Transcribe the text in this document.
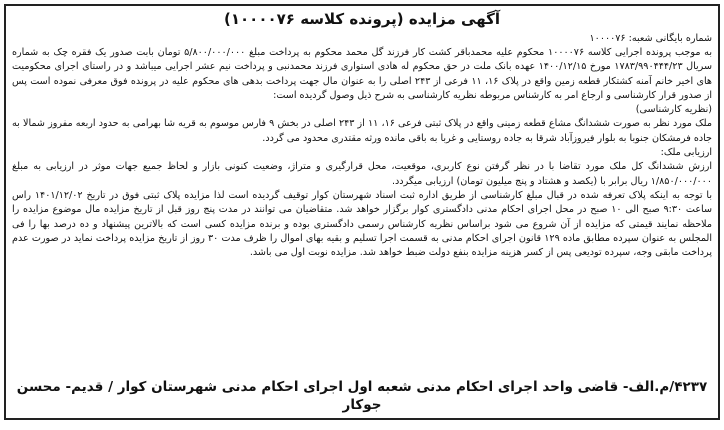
آگهی مزایده (پرونده کلاسه ۱۰۰۰۰۷۶)

شماره بایگانی شعبه: ۱۰۰۰۰۷۶

به موجب پرونده اجرایی کلاسه ۱۰۰۰۰۷۶ محکوم علیه محمدباقر کشت کار فرزند گل محمد محکوم به پرداخت مبلغ ۵/۸۰۰/۰۰۰/۰۰۰ تومان بابت صدور یک فقره چک به شماره سریال ۱۷۸۳/۹۹۰۴۴۴/۲۳ مورخ ۱۴۰۰/۱۲/۱۵ عهده بانک ملت در حق محکوم له هادی استواری فرزند محمدنبی و پرداخت نیم عشر اجرایی میباشد و در راستای اجرای محکومیت های اخیر خانم آمنه کشتکار قطعه زمین واقع در پلاک ۱۶، ۱۱ فرعی از ۲۴۳ اصلی را به عنوان مال جهت پرداخت بدهی های محکوم علیه در پرونده فوق معرفی نموده است پس از صدور قرار کارشناسی و ارجاع امر به کارشناس مربوطه نظریه کارشناسی به شرح ذیل وصول گردیده است:

(نظریه کارشناسی)

ملک مورد نظر به صورت ششدانگ مشاع قطعه زمینی واقع در پلاک ثبتی فرعی ۱۶، ۱۱ از ۲۴۳ اصلی در بخش ۹ فارس موسوم به قریه شا بهرامی به حدود اربعه مفروز شمالا به جاده فرمشکان جنوبا به بلوار فیروزآباد شرقا به جاده روستایی و غربا به باقی مانده ورثه مقتدری محدود می گردد.

ارزیابی ملک:

ارزش ششدانگ کل ملک مورد تقاضا با در نظر گرفتن نوع کاربری، موقعیت، محل قرارگیری و متراژ، وضعیت کنونی بازار و لحاظ جمیع جهات موثر در ارزیابی به مبلغ ۱/۸۵۰/۰۰۰/۰۰۰ ریال برابر با (یکصد و هشتاد و پنج میلیون تومان) ارزیابی میگردد.

با توجه به اینکه پلاک تعرفه شده در قبال مبلغ کارشناسی از طریق اداره ثبت اسناد شهرستان کوار توقیف گردیده است لذا مزایده پلاک ثبتی فوق در تاریخ ۱۴۰۱/۱۲/۰۲ راس ساعت ۹:۳۰ صبح الی ۱۰ صبح در محل اجرای احکام مدنی دادگستری کوار برگزار خواهد شد. متقاضیان می توانند در مدت پنج روز قبل از تاریخ مزایده مال موضوع مزایده را ملاحظه نمایند قیمتی که مزایده از آن شروع می شود براساس نظریه کارشناس رسمی دادگستری بوده و برنده مزایده کسی است که بالاترین پیشنهاد و ده درصد بها را فی المجلس به عنوان سپرده مطابق ماده ۱۲۹ قانون اجرای احکام مدنی به قسمت اجرا تسلیم و بقیه بهای اموال را ظرف مدت ۳۰ روز از تاریخ مزایده پرداخت نماید در صورت عدم پرداخت مابقی وجه، سپرده تودیعی پس از کسر هزینه مزایده بنفع دولت ضبط خواهد شد. مزایده نوبت اول می باشد.

۴۲۳۷/م.الف- قاضی واحد اجرای احکام مدنی شعبه اول اجرای احکام مدنی شهرستان کوار / قدیم- محسن جوکار
